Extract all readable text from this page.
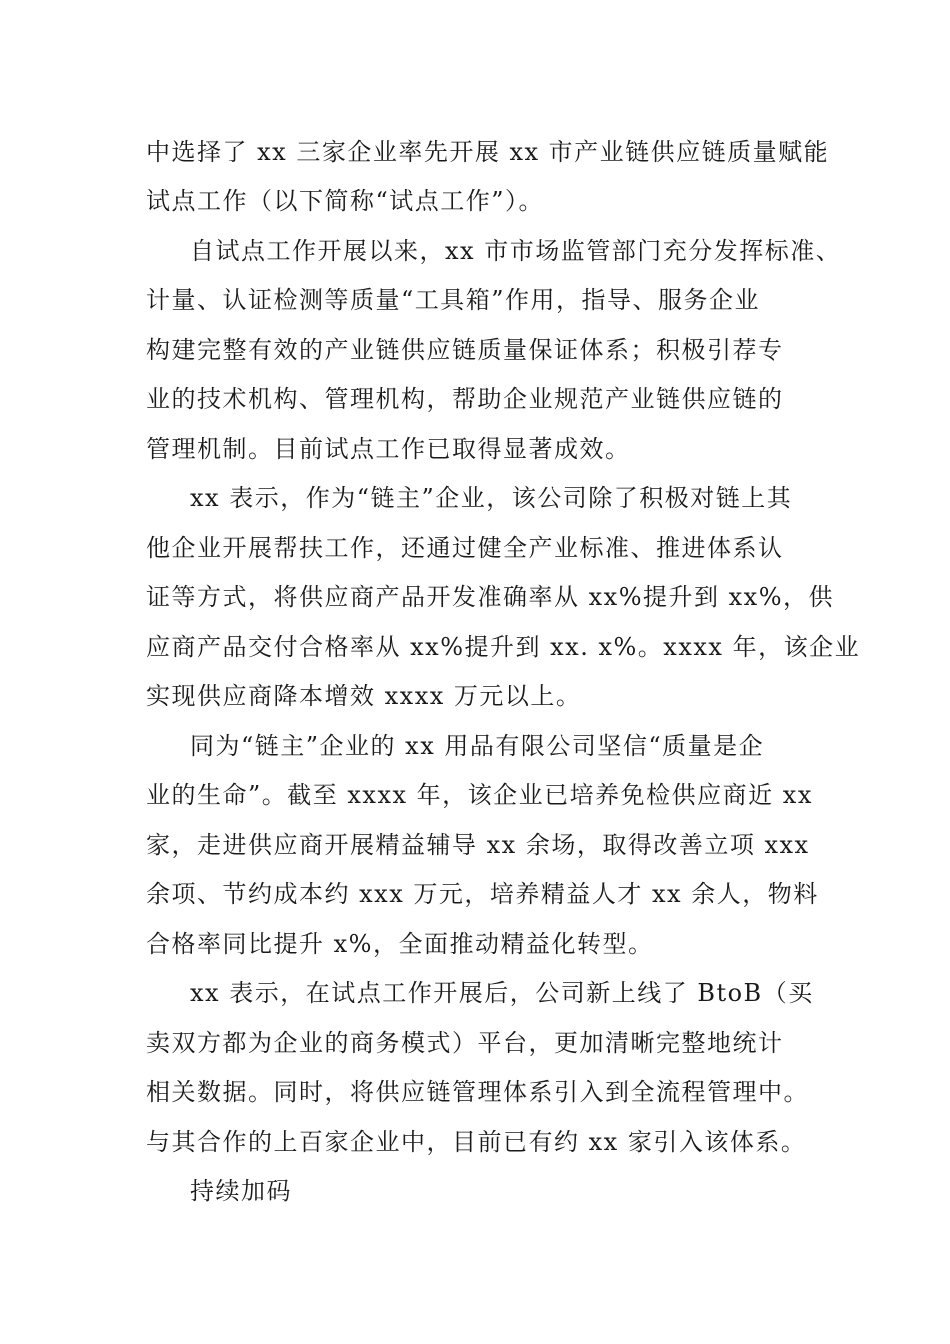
中选择了 xx 三家企业率先开展 xx 市产业链供应链质量赋能
试点工作（以下简称“试点工作”）。
自试点工作开展以来，xx 市市场监管部门充分发挥标准、
计量、认证检测等质量“工具箱”作用，指导、服务企业
构建完整有效的产业链供应链质量保证体系；积极引荐专
业的技术机构、管理机构，帮助企业规范产业链供应链的
管理机制。目前试点工作已取得显著成效。
xx 表示，作为“链主”企业，该公司除了积极对链上其
他企业开展帮扶工作，还通过健全产业标准、推进体系认
证等方式，将供应商产品开发准确率从 xx%提升到 xx%，供
应商产品交付合格率从 xx%提升到 xx. x%。xxxx 年，该企业
实现供应商降本增效 xxxx 万元以上。
同为“链主”企业的 xx 用品有限公司坚信“质量是企
业的生命”。截至 xxxx 年，该企业已培养免检供应商近 xx
家，走进供应商开展精益辅导 xx 余场，取得改善立项 xxx
余项、节约成本约 xxx 万元，培养精益人才 xx 余人，物料
合格率同比提升 x%，全面推动精益化转型。
xx 表示，在试点工作开展后，公司新上线了 BtoB（买
卖双方都为企业的商务模式）平台，更加清晰完整地统计
相关数据。同时，将供应链管理体系引入到全流程管理中。
与其合作的上百家企业中，目前已有约 xx 家引入该体系。
持续加码
